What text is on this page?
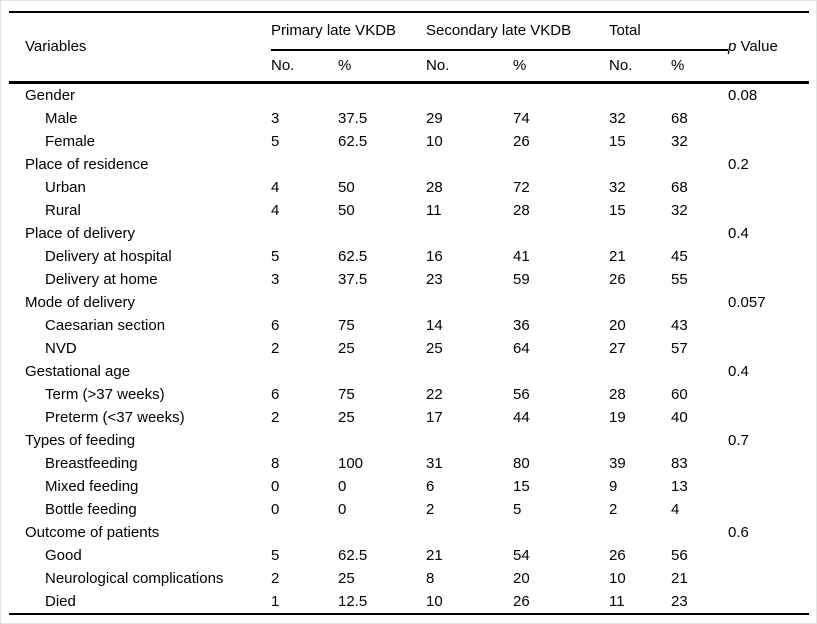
Variables	Primary late VKDB		Secondary late VKDB		Total		p Value
	No.	%	No.	%	No.	%	
Gender							0.08
Male	3	37.5	29	74	32	68	
Female	5	62.5	10	26	15	32	
Place of residence							0.2
Urban	4	50	28	72	32	68	
Rural	4	50	11	28	15	32	
Place of delivery							0.4
Delivery at hospital	5	62.5	16	41	21	45	
Delivery at home	3	37.5	23	59	26	55	
Mode of delivery							0.057
Caesarian section	6	75	14	36	20	43	
NVD	2	25	25	64	27	57	
Gestational age							0.4
Term (>37 weeks)	6	75	22	56	28	60	
Preterm (<37 weeks)	2	25	17	44	19	40	
Types of feeding							0.7
Breastfeeding	8	100	31	80	39	83	
Mixed feeding	0	0	6	15	9	13	
Bottle feeding	0	0	2	5	2	4	
Outcome of patients							0.6
Good	5	62.5	21	54	26	56	
Neurological complications	2	25	8	20	10	21	
Died	1	12.5	10	26	11	23	
